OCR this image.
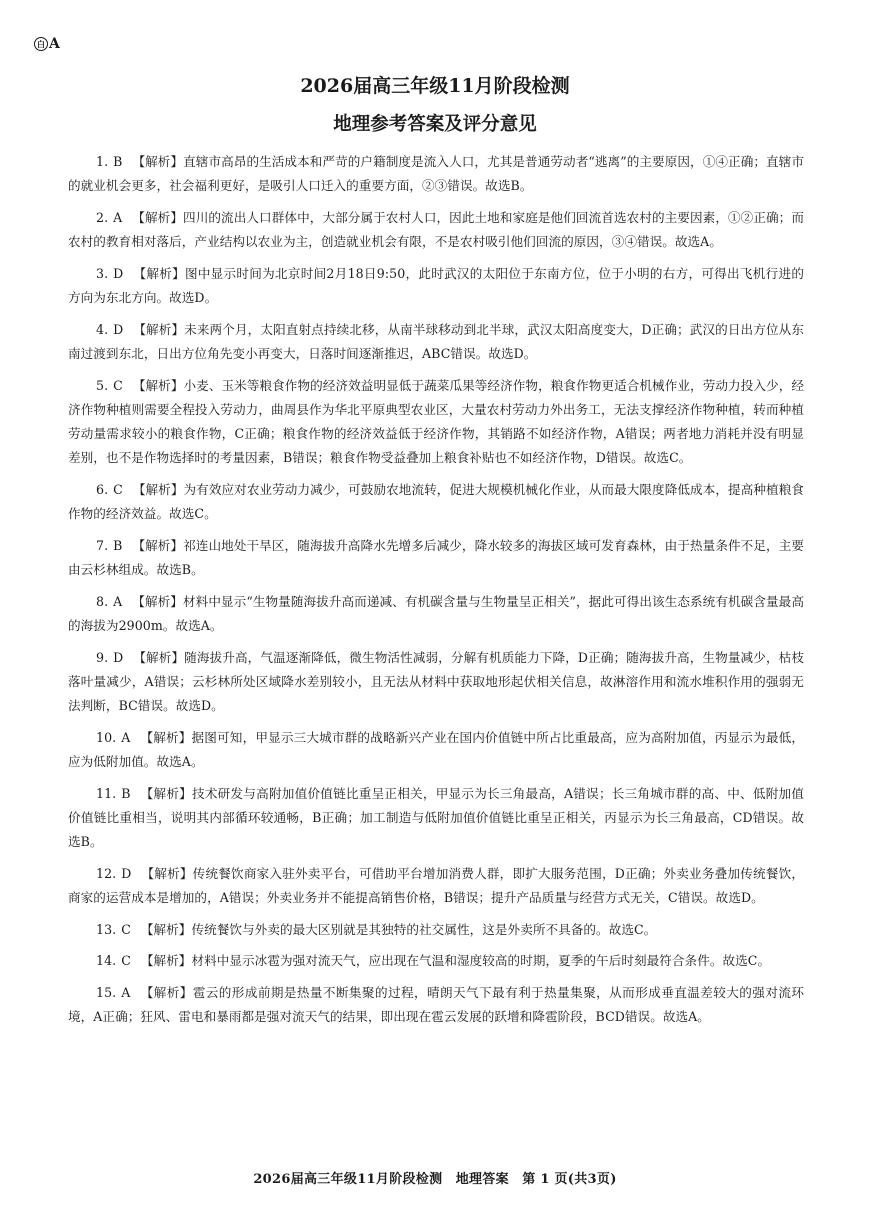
白 A
2026届高三年级11月阶段检测
地理参考答案及评分意见
1. B 【解析】直辖市高昂的生活成本和严苛的户籍制度是流入人口，尤其是普通劳动者“逃离”的主要原因，①④正确；直辖市的就业机会更多，社会福利更好，是吸引人口迁入的重要方面，②③错误。故选B。
2. A 【解析】四川的流出人口群体中，大部分属于农村人口，因此土地和家庭是他们回流首选农村的主要因素，①②正确；而农村的教育相对落后，产业结构以农业为主，创造就业机会有限，不是农村吸引他们回流的原因，③④错误。故选A。
3. D 【解析】图中显示时间为北京时间2月18日9:50，此时武汉的太阳位于东南方位，位于小明的右方，可得出飞机行进的方向为东北方向。故选D。
4. D 【解析】未来两个月，太阳直射点持续北移，从南半球移动到北半球，武汉太阳高度变大，D正确；武汉的日出方位从东南过渡到东北，日出方位角先变小再变大，日落时间逐渐推迟，ABC错误。故选D。
5. C 【解析】小麦、玉米等粮食作物的经济效益明显低于蔬菜瓜果等经济作物，粮食作物更适合机械作业，劳动力投入少，经济作物种植则需要全程投入劳动力，曲周县作为华北平原典型农业区，大量农村劳动力外出务工，无法支撑经济作物种植，转而种植劳动量需求较小的粮食作物，C正确；粮食作物的经济效益低于经济作物，其销路不如经济作物，A错误；两者地力消耗并没有明显差别，也不是作物选择时的考量因素，B错误；粮食作物受益叠加上粮食补贴也不如经济作物，D错误。故选C。
6. C 【解析】为有效应对农业劳动力减少，可鼓励农地流转，促进大规模机械化作业，从而最大限度降低成本，提高种植粮食作物的经济效益。故选C。
7. B 【解析】祁连山地处干旱区，随海拔升高降水先增多后减少，降水较多的海拔区域可发育森林，由于热量条件不足，主要由云杉林组成。故选B。
8. A 【解析】材料中显示“生物量随海拔升高而递减、有机碳含量与生物量呈正相关”，据此可得出该生态系统有机碳含量最高的海拔为2900m。故选A。
9. D 【解析】随海拔升高，气温逐渐降低，微生物活性减弱，分解有机质能力下降，D正确；随海拔升高，生物量减少，枯枝落叶量减少，A错误；云杉林所处区域降水差别较小，且无法从材料中获取地形起伏相关信息，故淋溶作用和流水堆积作用的强弱无法判断，BC错误。故选D。
10. A 【解析】据图可知，甲显示三大城市群的战略新兴产业在国内价值链中所占比重最高，应为高附加值，丙显示为最低，应为低附加值。故选A。
11. B 【解析】技术研发与高附加值价值链比重呈正相关，甲显示为长三角最高，A错误；长三角城市群的高、中、低附加值价值链比重相当，说明其内部循环较通畅，B正确；加工制造与低附加值价值链比重呈正相关，丙显示为长三角最高，CD错误。故选B。
12. D 【解析】传统餐饮商家入驻外卖平台，可借助平台增加消费人群，即扩大服务范围，D正确；外卖业务叠加传统餐饮，商家的运营成本是增加的，A错误；外卖业务并不能提高销售价格，B错误；提升产品质量与经营方式无关，C错误。故选D。
13. C 【解析】传统餐饮与外卖的最大区别就是其独特的社交属性，这是外卖所不具备的。故选C。
14. C 【解析】材料中显示冰雹为强对流天气，应出现在气温和湿度较高的时期，夏季的午后时刻最符合条件。故选C。
15. A 【解析】雹云的形成前期是热量不断集聚的过程，晴朗天气下最有利于热量集聚，从而形成垂直温差较大的强对流环境，A正确；狂风、雷电和暴雨都是强对流天气的结果，即出现在雹云发展的跃增和降雹阶段，BCD错误。故选A。
2026届高三年级11月阶段检测　地理答案　第 1 页(共3页)
